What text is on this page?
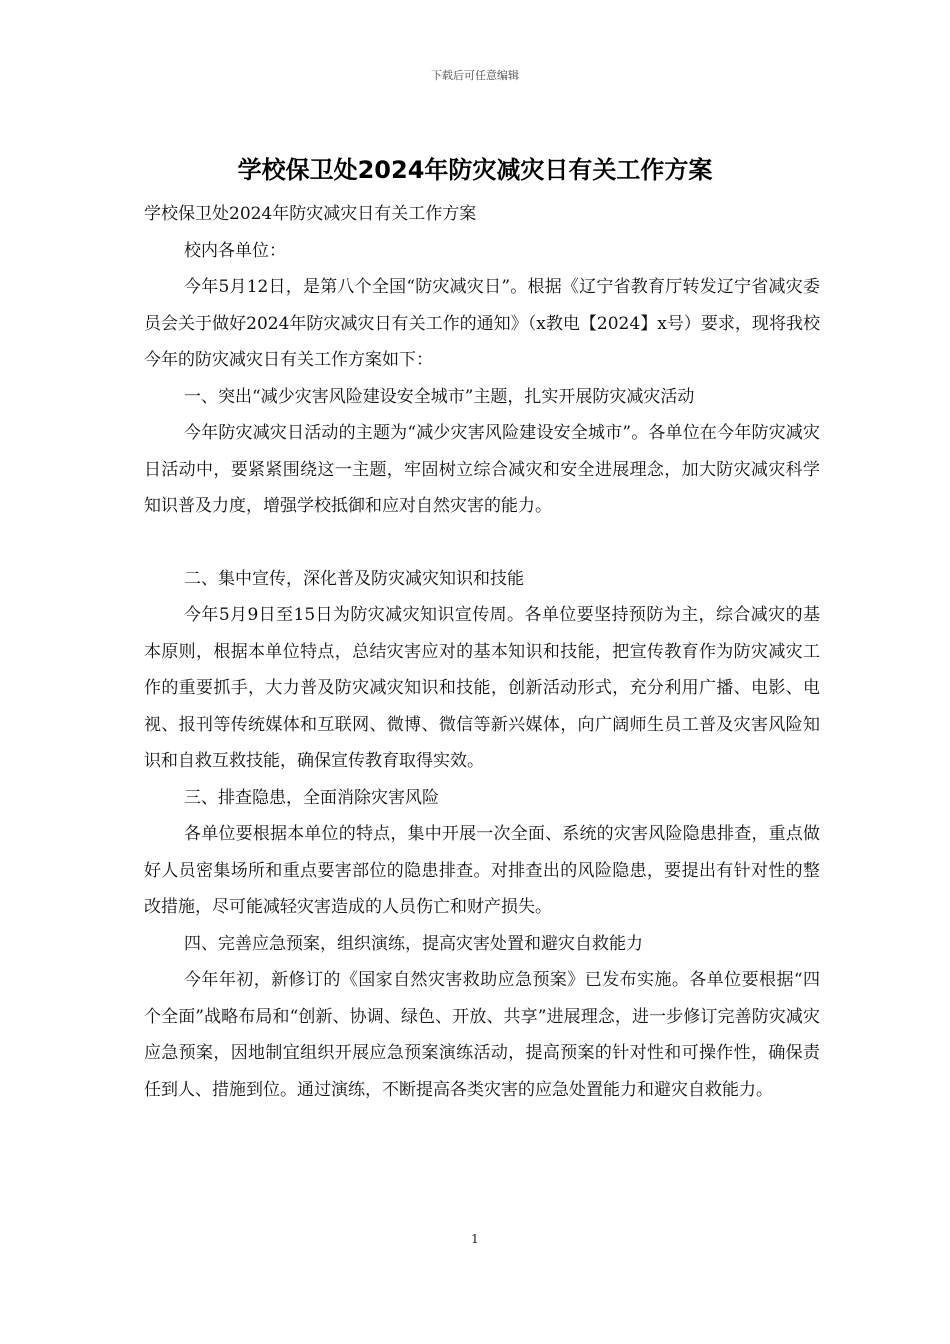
下载后可任意编辑
学校保卫处2024年防灾减灾日有关工作方案

学校保卫处2024年防灾减灾日有关工作方案

校内各单位：

今年5月12日，是第八个全国“防灾减灾日”。根据《辽宁省教育厅转发辽宁省减灾委员会关于做好2024年防灾减灾日有关工作的通知》（x教电【2024】x号）要求，现将我校今年的防灾减灾日有关工作方案如下：

一、突出“减少灾害风险建设安全城市”主题，扎实开展防灾减灾活动

今年防灾减灾日活动的主题为“减少灾害风险建设安全城市”。各单位在今年防灾减灾日活动中，要紧紧围绕这一主题，牢固树立综合减灾和安全进展理念，加大防灾减灾科学知识普及力度，增强学校抵御和应对自然灾害的能力。

二、集中宣传，深化普及防灾减灾知识和技能

今年5月9日至15日为防灾减灾知识宣传周。各单位要坚持预防为主，综合减灾的基本原则，根据本单位特点，总结灾害应对的基本知识和技能，把宣传教育作为防灾减灾工作的重要抓手，大力普及防灾减灾知识和技能，创新活动形式，充分利用广播、电影、电视、报刊等传统媒体和互联网、微博、微信等新兴媒体，向广阔师生员工普及灾害风险知识和自救互救技能，确保宣传教育取得实效。

三、排查隐患，全面消除灾害风险

各单位要根据本单位的特点，集中开展一次全面、系统的灾害风险隐患排查，重点做好人员密集场所和重点要害部位的隐患排查。对排查出的风险隐患，要提出有针对性的整改措施，尽可能减轻灾害造成的人员伤亡和财产损失。

四、完善应急预案，组织演练，提高灾害处置和避灾自救能力

今年年初，新修订的《国家自然灾害救助应急预案》已发布实施。各单位要根据“四个全面”战略布局和“创新、协调、绿色、开放、共享”进展理念，进一步修订完善防灾减灾应急预案，因地制宜组织开展应急预案演练活动，提高预案的针对性和可操作性，确保责任到人、措施到位。通过演练，不断提高各类灾害的应急处置能力和避灾自救能力。

1
